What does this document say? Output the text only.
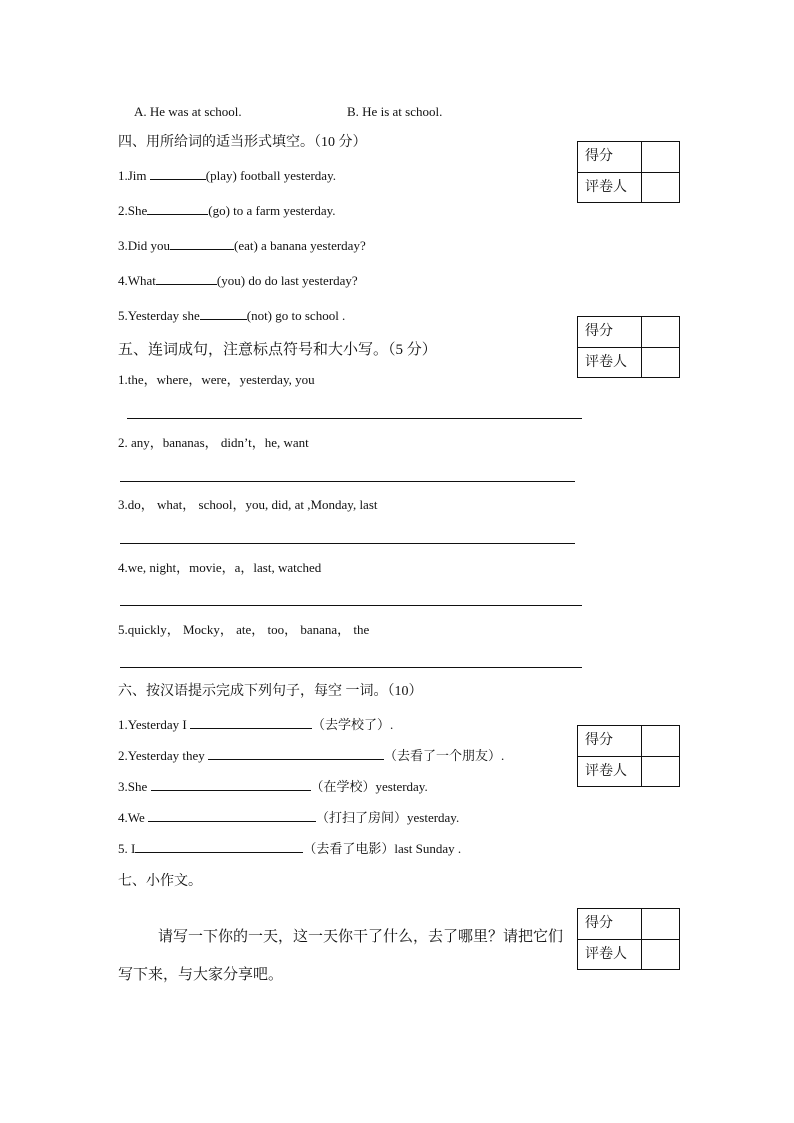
A. He was at school.	B. He is at school.
四、用所给词的适当形式填空。（10 分）
1.Jim	(play) football yesterday.
2.She	(go) to a farm yesterday.
3.Did you	(eat) a banana yesterday?
4.What	(you) do do last yesterday?
5.Yesterday she	(not) go to school .
五、连词成句，注意标点符号和大小写。（5 分）
1.the，where，were，yesterday, you
2. any，bananas， didn’t，he, want
3.do， what， school，you, did, at ,Monday, last
4.we, night，movie，a，last, watched
5.quickly， Mocky， ate， too， banana， the
六、按汉语提示完成下列句子，每空 一词。（10）
1.Yesterday I	（去学校了）.
2.Yesterday they	（去看了一个朋友）.
3.She	（在学校）yesterday.
4.We	（打扫了房间）yesterday.
5. I	（去看了电影）last Sunday .
七、小作文。
请写一下你的一天，这一天你干了什么，去了哪里？请把它们写下来，与大家分享吧。
得分
评卷人
得分
评卷人
得分
评卷人
得分
评卷人
